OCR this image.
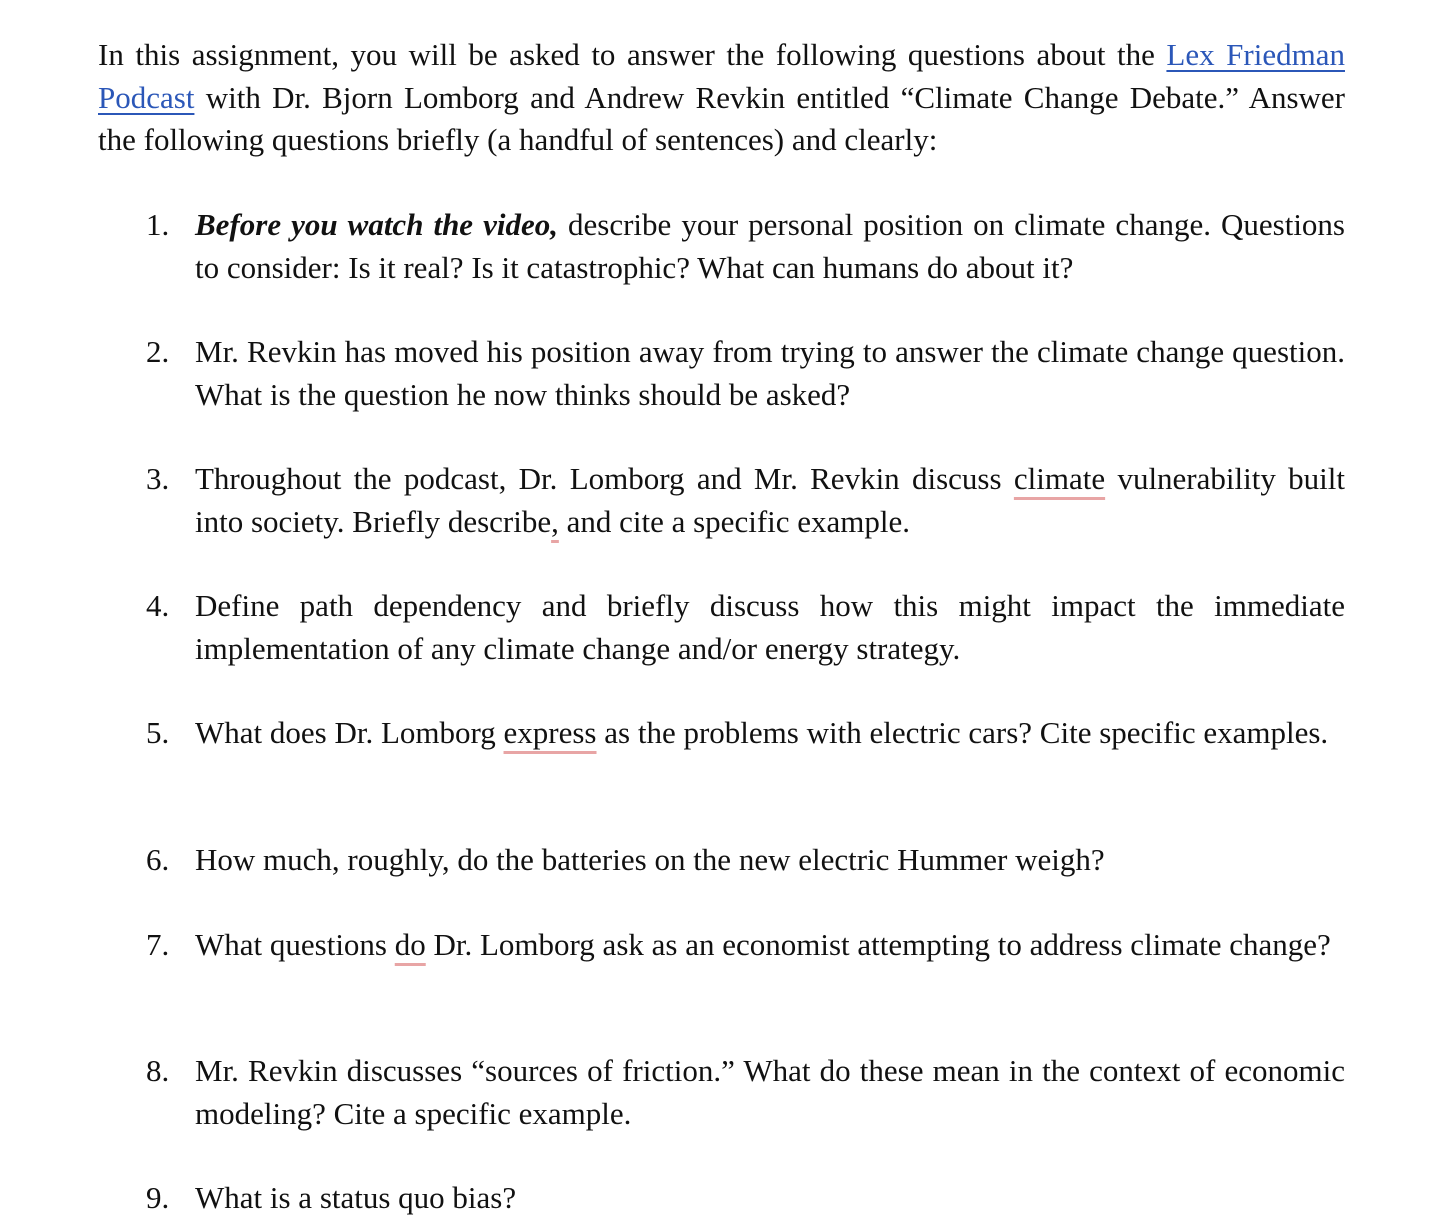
In this assignment, you will be asked to answer the following questions about the Lex Friedman Podcast with Dr. Bjorn Lomborg and Andrew Revkin entitled “Climate Change Debate.” Answer the following questions briefly (a handful of sentences) and clearly:

1. Before you watch the video, describe your personal position on climate change. Questions to consider: Is it real? Is it catastrophic? What can humans do about it?

2. Mr. Revkin has moved his position away from trying to answer the climate change question. What is the question he now thinks should be asked?

3. Throughout the podcast, Dr. Lomborg and Mr. Revkin discuss climate vulnerability built into society. Briefly describe, and cite a specific example.

4. Define path dependency and briefly discuss how this might impact the immediate implementation of any climate change and/or energy strategy.

5. What does Dr. Lomborg express as the problems with electric cars? Cite specific examples.

6. How much, roughly, do the batteries on the new electric Hummer weigh?

7. What questions do Dr. Lomborg ask as an economist attempting to address climate change?

8. Mr. Revkin discusses “sources of friction.” What do these mean in the context of economic modeling? Cite a specific example.

9. What is a status quo bias?
